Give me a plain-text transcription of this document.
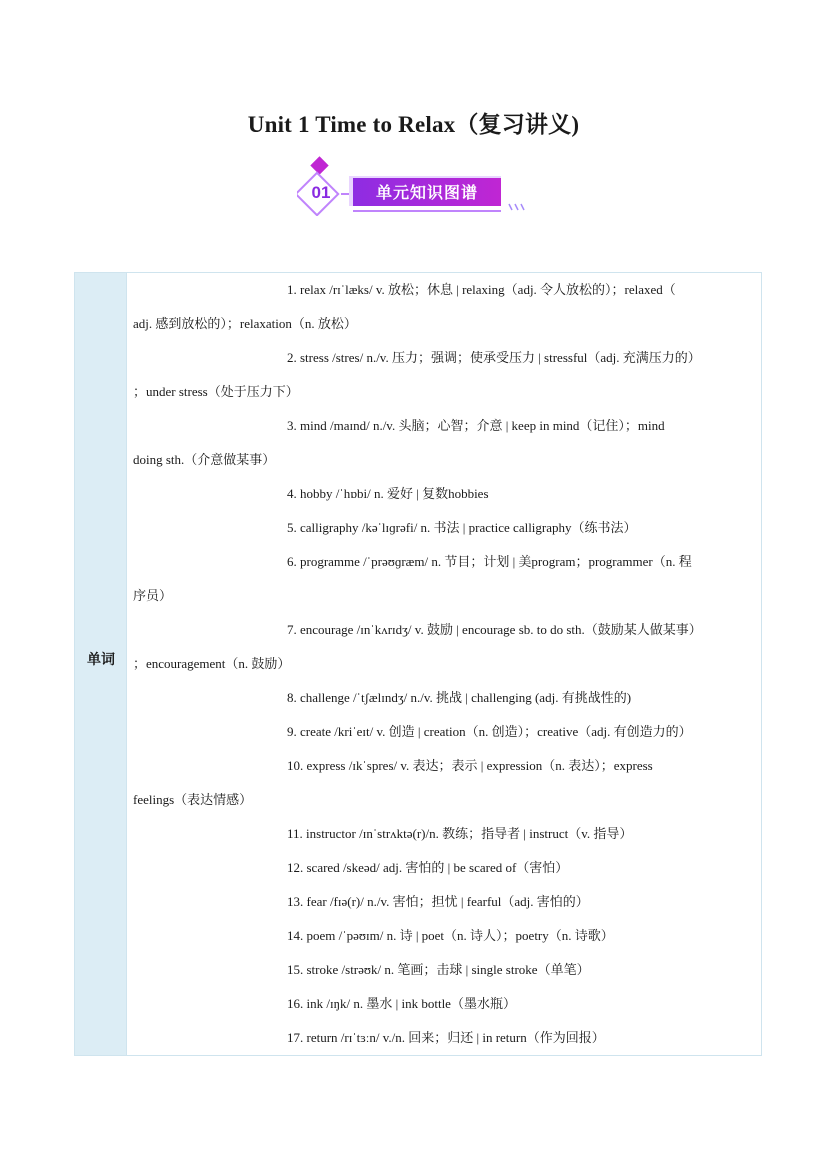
Unit 1 Time to Relax（复习讲义)
01	单元知识图谱
单词
1. relax /rɪˈlæks/ v. 放松；休息 | relaxing（adj. 令人放松的）；relaxed（
adj. 感到放松的）；relaxation（n. 放松）
2. stress /stres/ n./v. 压力；强调；使承受压力 | stressful（adj. 充满压力的）
；under stress（处于压力下）
3. mind /maɪnd/ n./v. 头脑；心智；介意 | keep in mind（记住）；mind
doing sth.（介意做某事）
4. hobby /ˈhɒbi/ n. 爱好 | 复数hobbies
5. calligraphy /kəˈlɪɡrəfi/ n. 书法 | practice calligraphy（练书法）
6. programme /ˈprəʊɡræm/ n. 节目；计划 | 美program；programmer（n. 程
序员）
7. encourage /ɪnˈkʌrɪdʒ/ v. 鼓励 | encourage sb. to do sth.（鼓励某人做某事）
；encouragement（n. 鼓励）
8. challenge /ˈtʃælɪndʒ/ n./v. 挑战 | challenging (adj. 有挑战性的)
9. create /kriˈeɪt/ v. 创造 | creation（n. 创造）；creative（adj. 有创造力的）
10. express /ɪkˈspres/ v. 表达；表示 | expression（n. 表达）；express
feelings（表达情感）
11. instructor /ɪnˈstrʌktə(r)/n. 教练；指导者 | instruct（v. 指导）
12. scared /skeəd/ adj. 害怕的 | be scared of（害怕）
13. fear /fɪə(r)/ n./v. 害怕；担忧 | fearful（adj. 害怕的）
14. poem /ˈpəʊɪm/ n. 诗 | poet（n. 诗人）；poetry（n. 诗歌）
15. stroke /strəʊk/ n. 笔画；击球 | single stroke（单笔）
16. ink /ɪŋk/ n. 墨水 | ink bottle（墨水瓶）
17. return /rɪˈtɜːn/ v./n. 回来；归还 | in return（作为回报）
